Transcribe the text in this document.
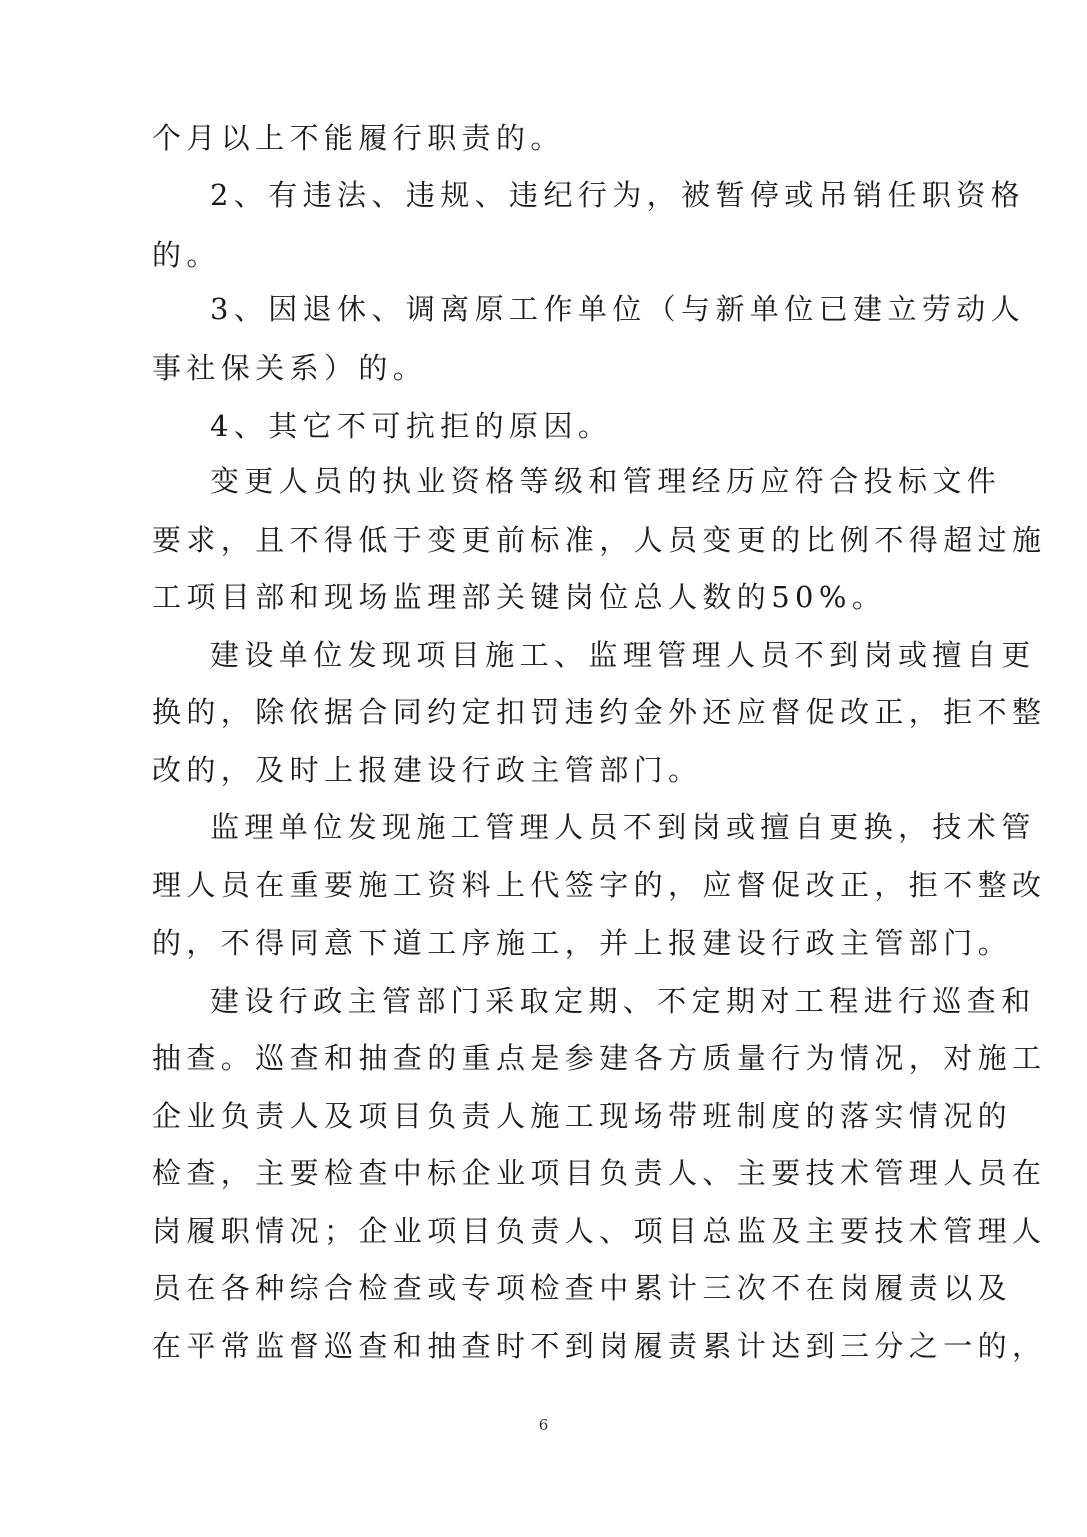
个月以上不能履行职责的。
2、有违法、违规、违纪行为，被暂停或吊销任职资格
的。
3、因退休、调离原工作单位（与新单位已建立劳动人
事社保关系）的。
4、其它不可抗拒的原因。
变更人员的执业资格等级和管理经历应符合投标文件
要求，且不得低于变更前标准，人员变更的比例不得超过施
工项目部和现场监理部关键岗位总人数的50%。
建设单位发现项目施工、监理管理人员不到岗或擅自更
换的，除依据合同约定扣罚违约金外还应督促改正，拒不整
改的，及时上报建设行政主管部门。
监理单位发现施工管理人员不到岗或擅自更换，技术管
理人员在重要施工资料上代签字的，应督促改正，拒不整改
的，不得同意下道工序施工，并上报建设行政主管部门。
建设行政主管部门采取定期、不定期对工程进行巡查和
抽查。巡查和抽查的重点是参建各方质量行为情况，对施工
企业负责人及项目负责人施工现场带班制度的落实情况的
检查，主要检查中标企业项目负责人、主要技术管理人员在
岗履职情况；企业项目负责人、项目总监及主要技术管理人
员在各种综合检查或专项检查中累计三次不在岗履责以及
在平常监督巡查和抽查时不到岗履责累计达到三分之一的，
6
